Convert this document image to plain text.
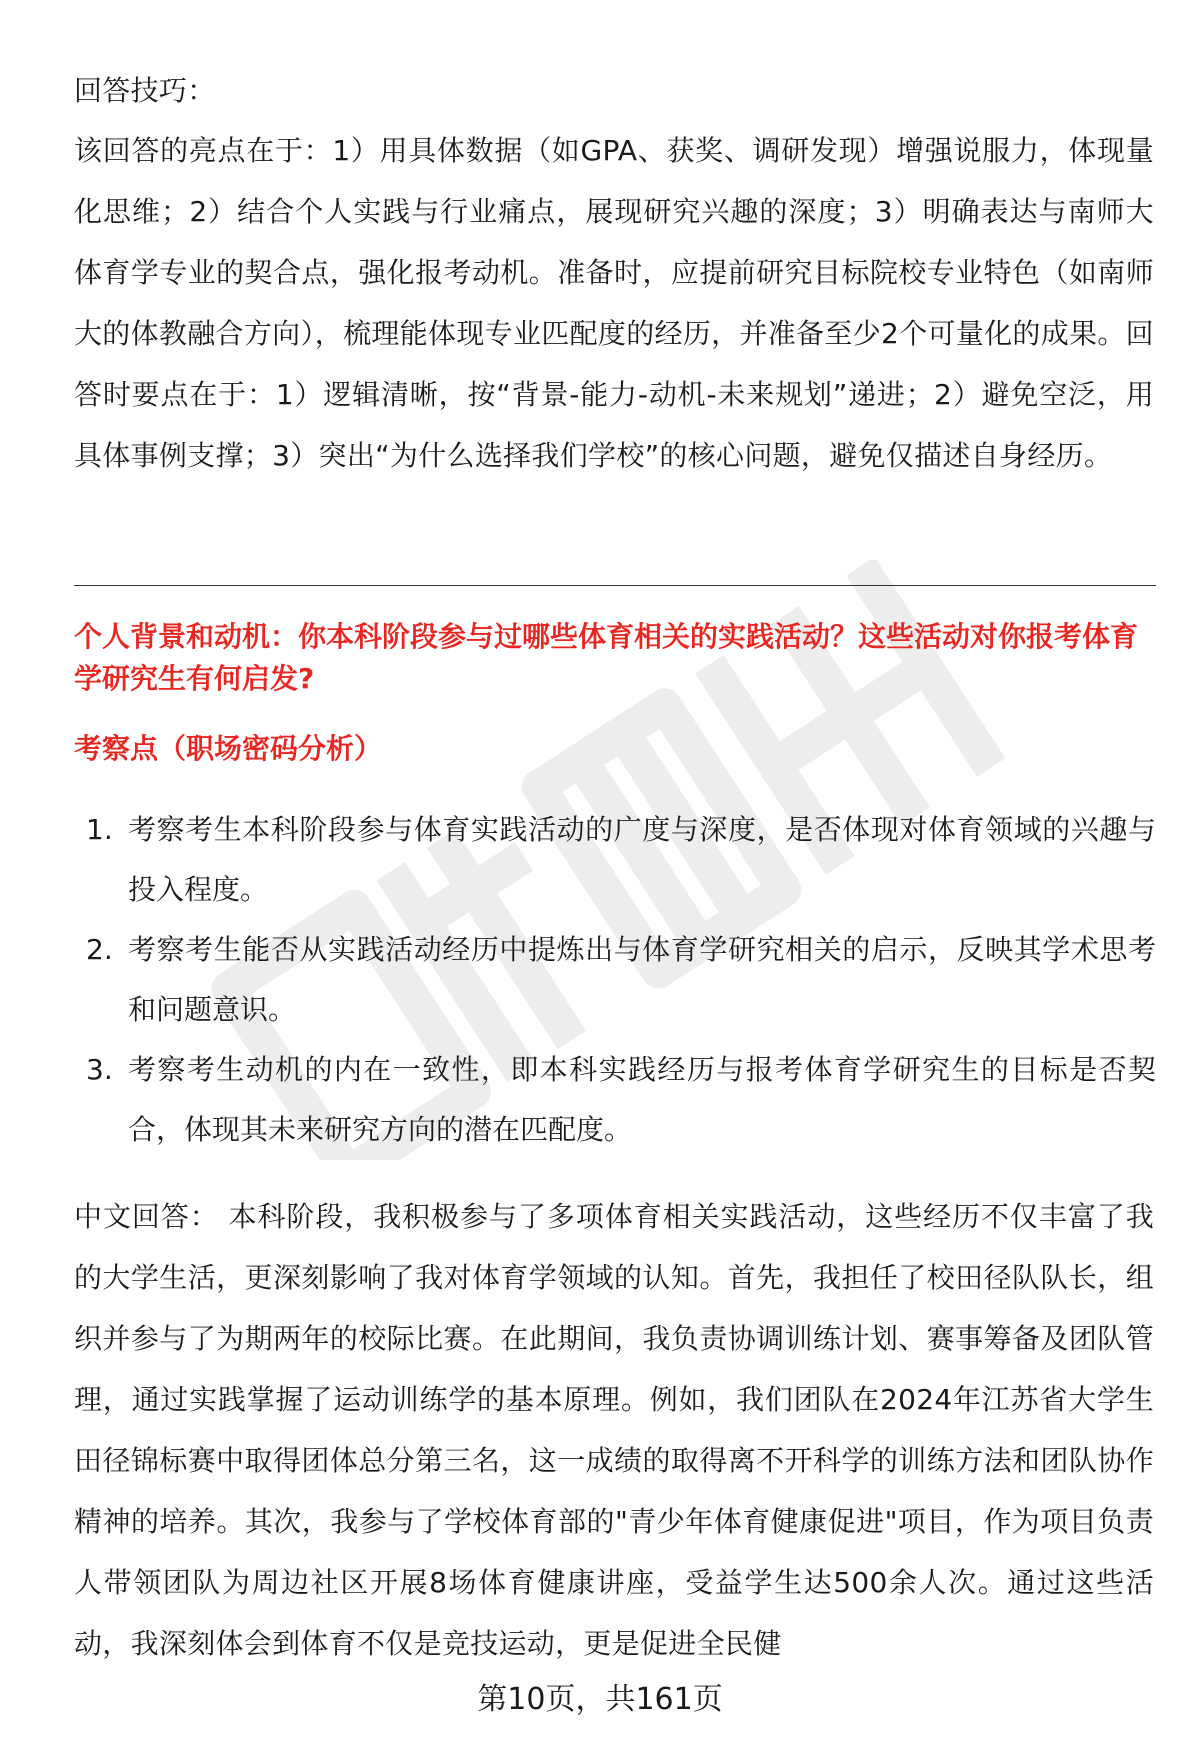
回答技巧：

该回答的亮点在于：1）用具体数据（如GPA、获奖、调研发现）增强说服力，体现量化思维；2）结合个人实践与行业痛点，展现研究兴趣的深度；3）明确表达与南师大体育学专业的契合点，强化报考动机。准备时，应提前研究目标院校专业特色（如南师大的体教融合方向），梳理能体现专业匹配度的经历，并准备至少2个可量化的成果。回答时要点在于：1）逻辑清晰，按“背景-能力-动机-未来规划”递进；2）避免空泛，用具体事例支撑；3）突出“为什么选择我们学校”的核心问题，避免仅描述自身经历。

个人背景和动机：你本科阶段参与过哪些体育相关的实践活动？这些活动对你报考体育学研究生有何启发?

考察点（职场密码分析）

1. 考察考生本科阶段参与体育实践活动的广度与深度，是否体现对体育领域的兴趣与投入程度。
2. 考察考生能否从实践活动经历中提炼出与体育学研究相关的启示，反映其学术思考和问题意识。
3. 考察考生动机的内在一致性，即本科实践经历与报考体育学研究生的目标是否契合，体现其未来研究方向的潜在匹配度。

中文回答： 本科阶段，我积极参与了多项体育相关实践活动，这些经历不仅丰富了我的大学生活，更深刻影响了我对体育学领域的认知。首先，我担任了校田径队队长，组织并参与了为期两年的校际比赛。在此期间，我负责协调训练计划、赛事筹备及团队管理，通过实践掌握了运动训练学的基本原理。例如，我们团队在2024年江苏省大学生田径锦标赛中取得团体总分第三名，这一成绩的取得离不开科学的训练方法和团队协作精神的培养。其次，我参与了学校体育部的"青少年体育健康促进"项目，作为项目负责人带领团队为周边社区开展8场体育健康讲座，受益学生达500余人次。通过这些活动，我深刻体会到体育不仅是竞技运动，更是促进全民健

第10页，共161页
